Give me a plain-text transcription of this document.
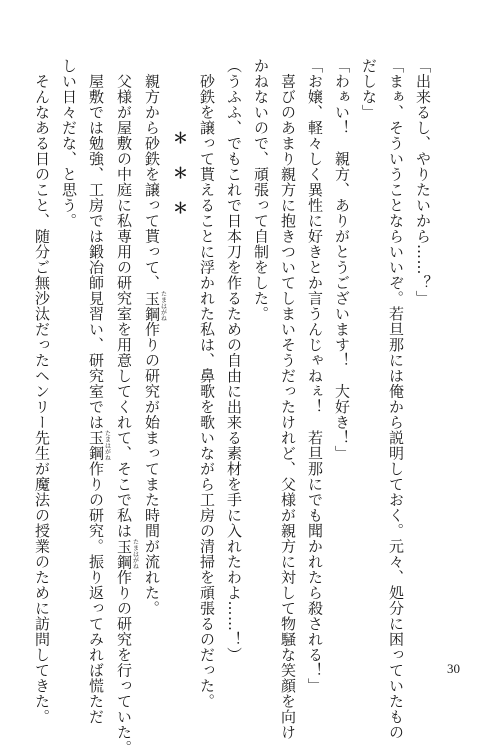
「出来るし、やりたいから……？」
「まぁ、そういうことならいいぞ。若旦那には俺から説明しておく。元々、処分に困っていたもの
だしな」
「わぁい！　親方、ありがとうございます！　大好き！」
「お嬢、軽々しく異性に好きとか言うんじゃねぇ！　若旦那にでも聞かれたら殺される！」
　喜びのあまり親方に抱きついてしまいそうだったけれど、父様が親方に対して物騒な笑顔を向け
かねないので、頑張って自制をした。
（うふふ、でもこれで日本刀を作るための自由に出来る素材を手に入れたわよ……！）
　砂鉄を譲って貰えることに浮かれた私は、鼻歌を歌いながら工房の清掃を頑張るのだった。
＊＊＊
　親方から砂鉄を譲って貰って、玉鋼たまはがね作りの研究が始まってまた時間が流れた。
　父様が屋敷の中庭に私専用の研究室を用意してくれて、そこで私は玉鋼たまはがね作りの研究を行っていた。
　屋敷では勉強、工房では鍛冶師見習い、研究室では玉鋼たまはがね作りの研究。振り返ってみれば慌ただ
しい日々だな、と思う。
　そんなある日のこと、随分ご無沙汰だったヘンリー先生が魔法の授業のために訪問してきた。	30
